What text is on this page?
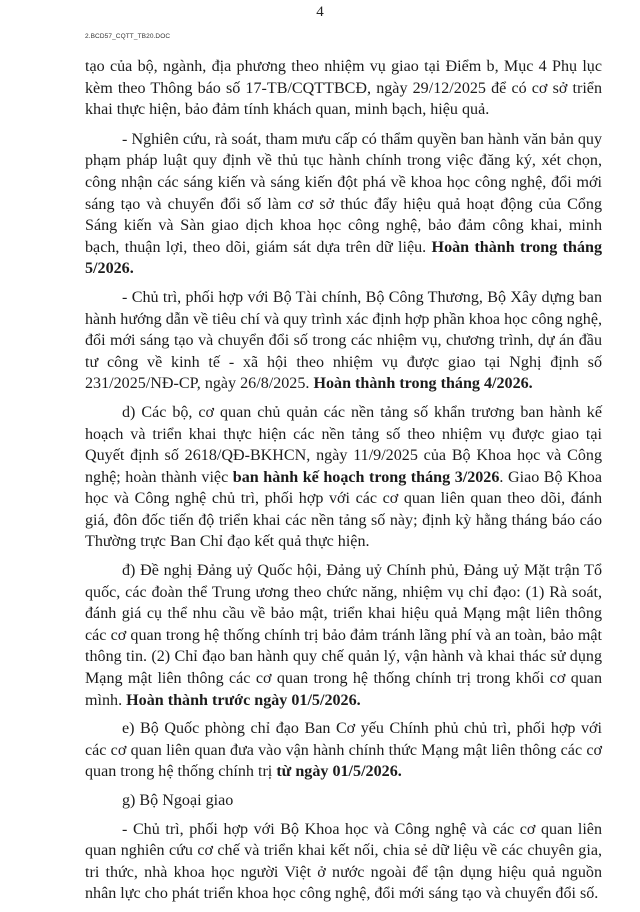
2.BCD57_CQTT_TB20.DOC
4

tạo của bộ, ngành, địa phương theo nhiệm vụ giao tại Điểm b, Mục 4 Phụ lục kèm theo Thông báo số 17-TB/CQTTBCĐ, ngày 29/12/2025 để có cơ sở triển khai thực hiện, bảo đảm tính khách quan, minh bạch, hiệu quả.

- Nghiên cứu, rà soát, tham mưu cấp có thẩm quyền ban hành văn bản quy phạm pháp luật quy định về thủ tục hành chính trong việc đăng ký, xét chọn, công nhận các sáng kiến và sáng kiến đột phá về khoa học công nghệ, đổi mới sáng tạo và chuyển đổi số làm cơ sở thúc đẩy hiệu quả hoạt động của Cổng Sáng kiến và Sàn giao dịch khoa học công nghệ, bảo đảm công khai, minh bạch, thuận lợi, theo dõi, giám sát dựa trên dữ liệu. Hoàn thành trong tháng 5/2026.

- Chủ trì, phối hợp với Bộ Tài chính, Bộ Công Thương, Bộ Xây dựng ban hành hướng dẫn về tiêu chí và quy trình xác định hợp phần khoa học công nghệ, đổi mới sáng tạo và chuyển đổi số trong các nhiệm vụ, chương trình, dự án đầu tư công về kinh tế - xã hội theo nhiệm vụ được giao tại Nghị định số 231/2025/NĐ-CP, ngày 26/8/2025. Hoàn thành trong tháng 4/2026.

d) Các bộ, cơ quan chủ quản các nền tảng số khẩn trương ban hành kế hoạch và triển khai thực hiện các nền tảng số theo nhiệm vụ được giao tại Quyết định số 2618/QĐ-BKHCN, ngày 11/9/2025 của Bộ Khoa học và Công nghệ; hoàn thành việc ban hành kế hoạch trong tháng 3/2026. Giao Bộ Khoa học và Công nghệ chủ trì, phối hợp với các cơ quan liên quan theo dõi, đánh giá, đôn đốc tiến độ triển khai các nền tảng số này; định kỳ hằng tháng báo cáo Thường trực Ban Chỉ đạo kết quả thực hiện.

đ) Đề nghị Đảng uỷ Quốc hội, Đảng uỷ Chính phủ, Đảng uỷ Mặt trận Tổ quốc, các đoàn thể Trung ương theo chức năng, nhiệm vụ chỉ đạo: (1) Rà soát, đánh giá cụ thể nhu cầu về bảo mật, triển khai hiệu quả Mạng mật liên thông các cơ quan trong hệ thống chính trị bảo đảm tránh lãng phí và an toàn, bảo mật thông tin. (2) Chỉ đạo ban hành quy chế quản lý, vận hành và khai thác sử dụng Mạng mật liên thông các cơ quan trong hệ thống chính trị trong khối cơ quan mình. Hoàn thành trước ngày 01/5/2026.

e) Bộ Quốc phòng chỉ đạo Ban Cơ yếu Chính phủ chủ trì, phối hợp với các cơ quan liên quan đưa vào vận hành chính thức Mạng mật liên thông các cơ quan trong hệ thống chính trị từ ngày 01/5/2026.

g) Bộ Ngoại giao

- Chủ trì, phối hợp với Bộ Khoa học và Công nghệ và các cơ quan liên quan nghiên cứu cơ chế và triển khai kết nối, chia sẻ dữ liệu về các chuyên gia, tri thức, nhà khoa học người Việt ở nước ngoài để tận dụng hiệu quả nguồn nhân lực cho phát triển khoa học công nghệ, đổi mới sáng tạo và chuyển đổi số.
